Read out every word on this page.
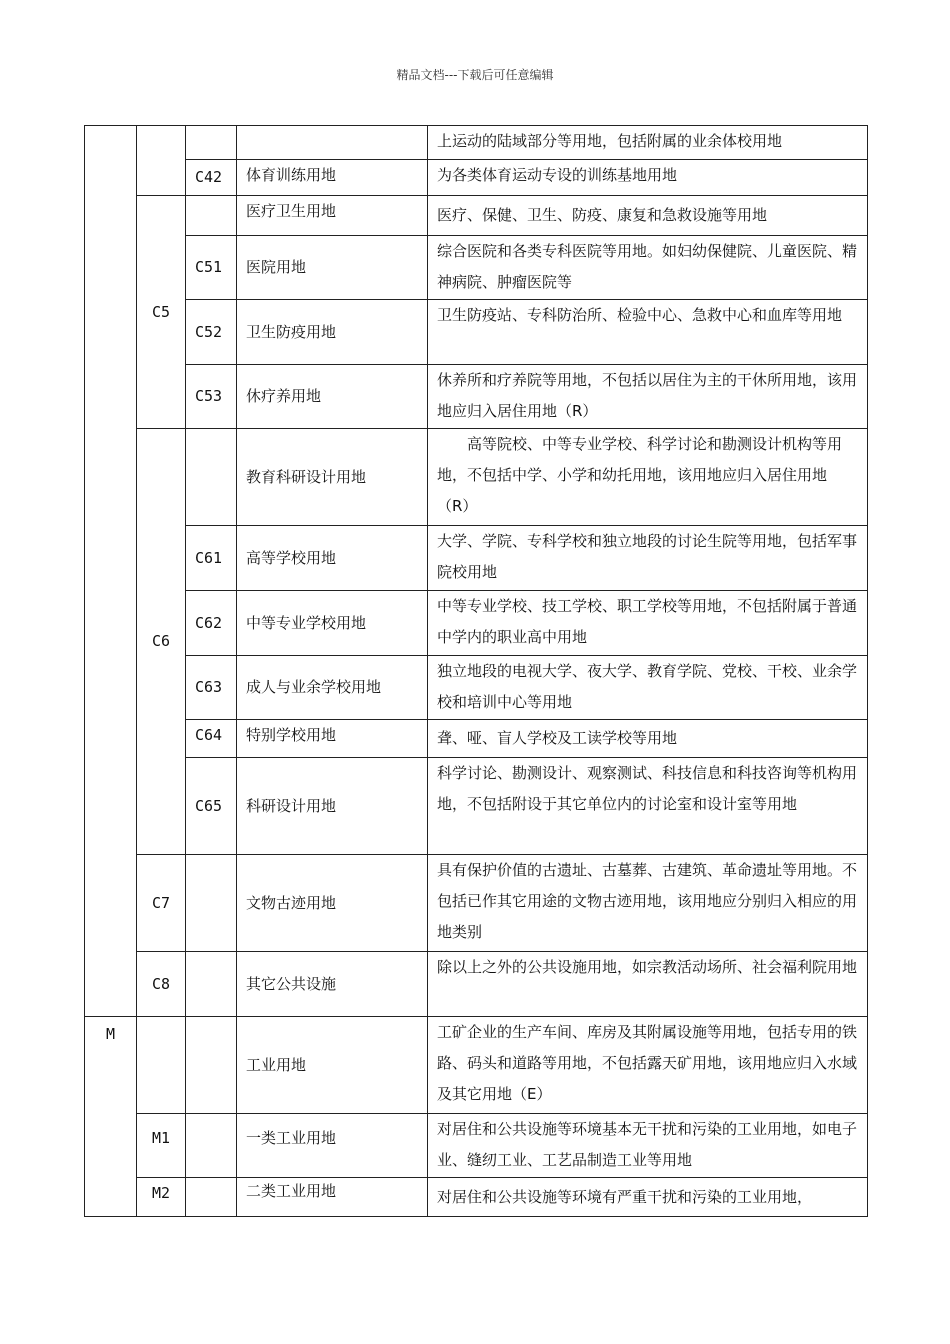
精品文档---下载后可任意编辑
				上运动的陆域部分等用地，包括附属的业余体校用地
		C42	体育训练用地	为各类体育运动专设的训练基地用地
	C5		医疗卫生用地	医疗、保健、卫生、防疫、康复和急救设施等用地
		C51	医院用地	综合医院和各类专科医院等用地。如妇幼保健院、儿童医院、精神病院、肿瘤医院等
		C52	卫生防疫用地	卫生防疫站、专科防治所、检验中心、急救中心和血库等用地
		C53	休疗养用地	休养所和疗养院等用地，不包括以居住为主的干休所用地，该用地应归入居住用地（R）
	C6		教育科研设计用地	高等院校、中等专业学校、科学讨论和勘测设计机构等用地，不包括中学、小学和幼托用地，该用地应归入居住用地（R）
		C61	高等学校用地	大学、学院、专科学校和独立地段的讨论生院等用地，包括军事院校用地
		C62	中等专业学校用地	中等专业学校、技工学校、职工学校等用地，不包括附属于普通中学内的职业高中用地
		C63	成人与业余学校用地	独立地段的电视大学、夜大学、教育学院、党校、干校、业余学校和培训中心等用地
		C64	特别学校用地	聋、哑、盲人学校及工读学校等用地
		C65	科研设计用地	科学讨论、勘测设计、观察测试、科技信息和科技咨询等机构用地，不包括附设于其它单位内的讨论室和设计室等用地
	C7		文物古迹用地	具有保护价值的古遗址、古墓葬、古建筑、革命遗址等用地。不包括已作其它用途的文物古迹用地，该用地应分别归入相应的用地类别
	C8		其它公共设施	除以上之外的公共设施用地，如宗教活动场所、社会福利院用地
M			工业用地	工矿企业的生产车间、库房及其附属设施等用地，包括专用的铁路、码头和道路等用地，不包括露天矿用地，该用地应归入水域及其它用地（E）
	M1		一类工业用地	对居住和公共设施等环境基本无干扰和污染的工业用地，如电子业、缝纫工业、工艺品制造工业等用地
	M2		二类工业用地	对居住和公共设施等环境有严重干扰和污染的工业用地，
